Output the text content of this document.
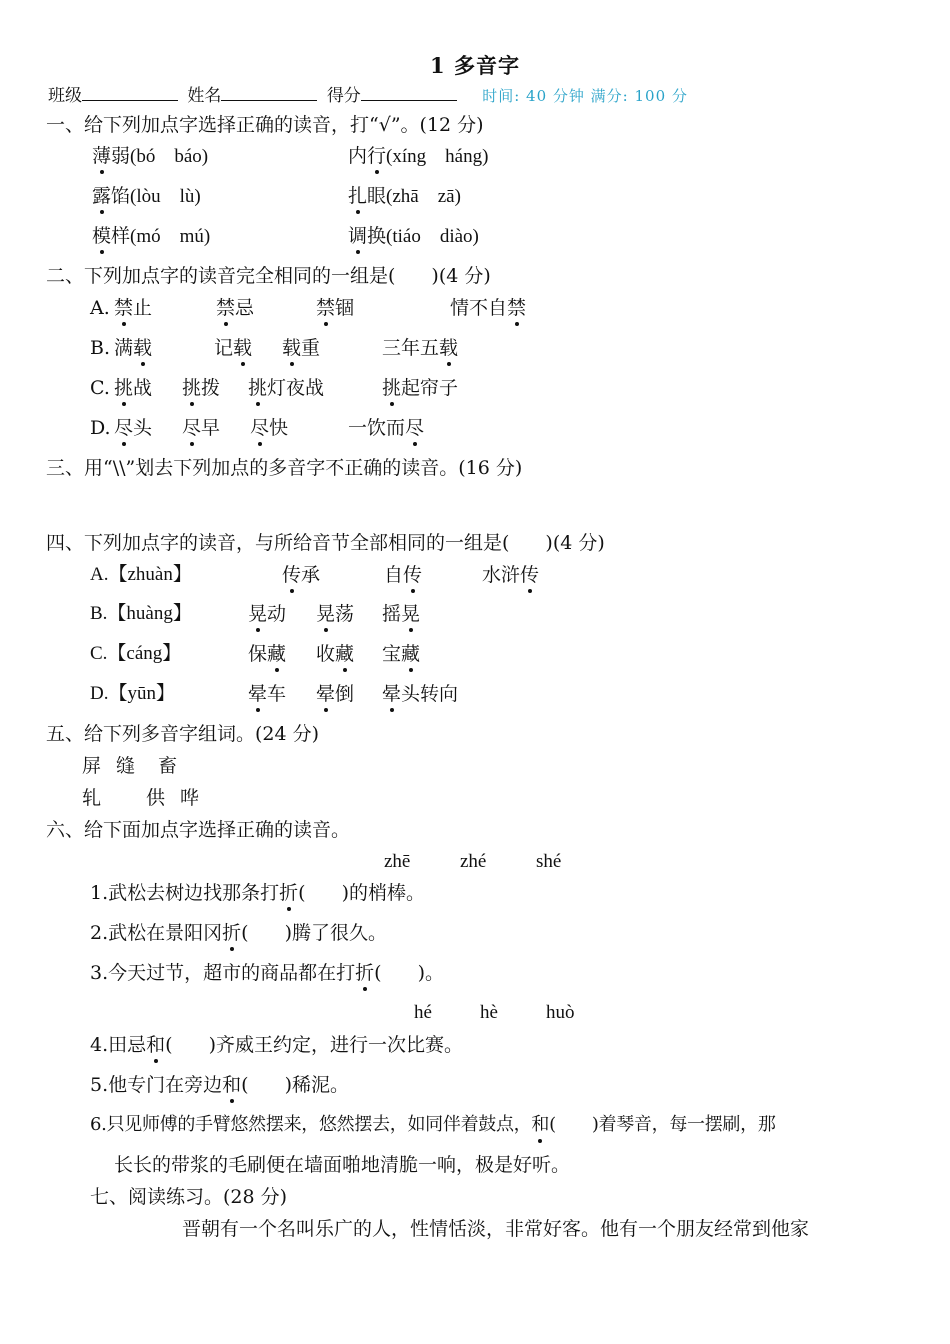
1 多音字
班级	姓名	得分	时间: 40 分钟 满分: 100 分
一、给下列加点字选择正确的读音，打“√”。(12 分)
薄弱(bó　báo)	内行(xíng　háng)
露馅(lòu　lù)	扎眼(zhā　zā)
模样(mó　mú)	调换(tiáo　diào)
二、下列加点字的读音完全相同的一组是( )(4 分)
A. 禁止	禁忌	禁锢	情不自禁
B. 满载	记载 载重	三年五载
C. 挑战 挑拨 挑灯夜战	挑起帘子
D. 尽头 尽早 尽快	一饮而尽
三、用“\\”划去下列加点的多音字不正确的读音。(16 分)
四、下列加点字的读音，与所给音节全部相同的一组是( )(4 分)
A.【zhuàn】	传承	自传	水浒传
B.【huàng】	晃动 晃荡 摇晃
C.【cáng】	保藏 收藏 宝藏
D.【yūn】	晕车 晕倒 晕头转向
五、给下列多音字组词。(24 分)
屏 缝 畜
轧 供 哗
六、给下面加点字选择正确的读音。
zhē	zhé	shé
1.武松去树边找那条打折( )的梢棒。
2.武松在景阳冈折( )腾了很久。
3.今天过节，超市的商品都在打折( )。
hé	hè	huò
4.田忌和( )齐威王约定，进行一次比赛。
5.他专门在旁边和( )稀泥。
6.只见师傅的手臂悠然摆来，悠然摆去，如同伴着鼓点，和( )着琴音，每一摆刷，那
长长的带浆的毛刷便在墙面啪地清脆一响，极是好听。
七、阅读练习。(28 分)
晋朝有一个名叫乐广的人，性情恬淡，非常好客。他有一个朋友经常到他家
